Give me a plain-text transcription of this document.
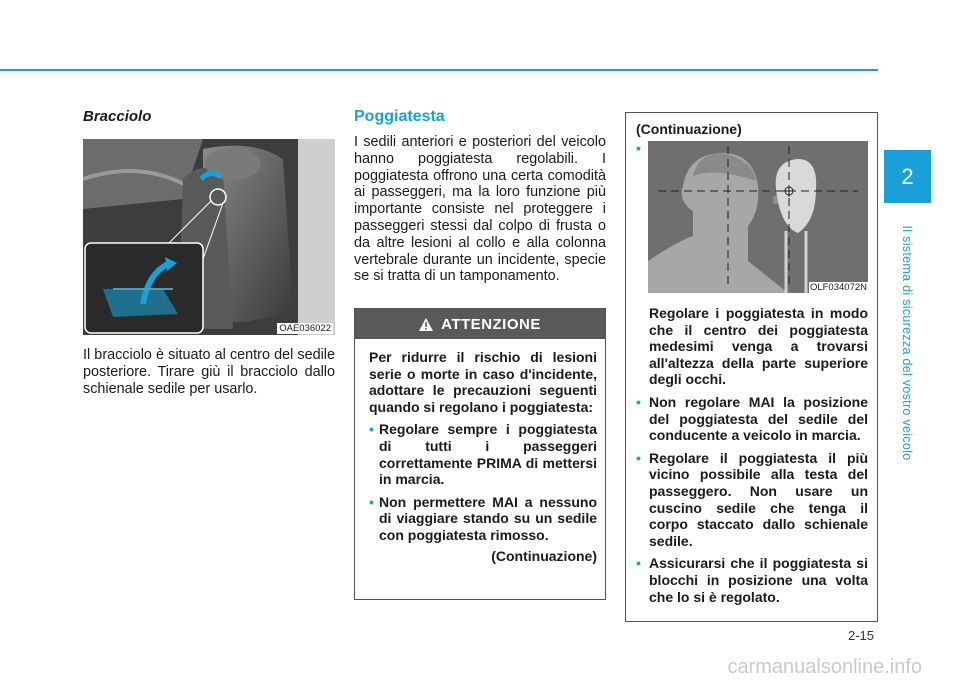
2
Il sistema di sicurezza del vostro veicolo
Bracciolo
OAE036022
Il bracciolo è situato al centro del sedile posteriore. Tirare giù il bracciolo dallo schienale sedile per usarlo.
Poggiatesta
I sedili anteriori e posteriori del veicolo hanno poggiatesta regolabili. I poggiatesta offrono una certa comodità ai passeggeri, ma la loro funzione più importante consiste nel proteggere i passeggeri stessi dal colpo di frusta o da altre lesioni al collo e alla colonna vertebrale durante un incidente, specie se si tratta di un tamponamento.
ATTENZIONE
Per ridurre il rischio di lesioni serie o morte in caso d'incidente, adottare le precauzioni seguenti quando si regolano i poggiatesta:
• Regolare sempre i poggiatesta di tutti i passeggeri correttamente PRIMA di mettersi in marcia.
• Non permettere MAI a nessuno di viaggiare stando su un sedile con poggiatesta rimosso.
(Continuazione)
(Continuazione)
•
OLF034072N

Regolare i poggiatesta in modo che il centro dei poggiatesta medesimi venga a trovarsi all'altezza della parte superiore degli occhi.

• Non regolare MAI la posizione del poggiatesta del sedile del conducente a veicolo in marcia.
• Regolare il poggiatesta il più vicino possibile alla testa del passeggero. Non usare un cuscino sedile che tenga il corpo staccato dallo schienale sedile.
• Assicurarsi che il poggiatesta si blocchi in posizione una volta che lo si è regolato.
2-15
carmanualsonline.info
